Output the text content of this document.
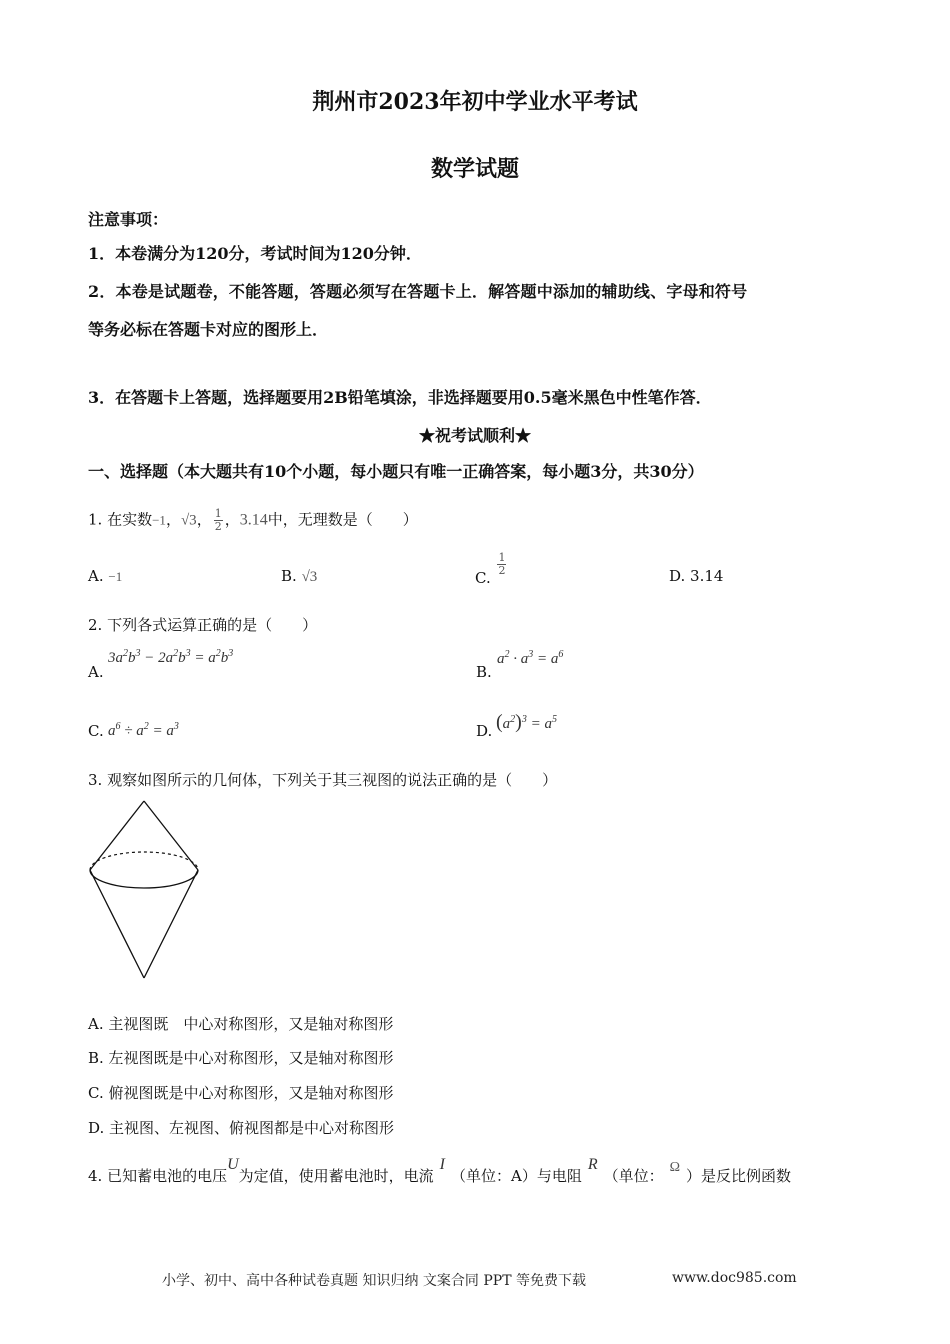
荆州市2023年初中学业水平考试
数学试题
注意事项：
1．本卷满分为120分，考试时间为120分钟．
2．本卷是试题卷，不能答题，答题必须写在答题卡上．解答题中添加的辅助线、字母和符号
等务必标在答题卡对应的图形上．
3．在答题卡上答题，选择题要用2B铅笔填涂，非选择题要用0.5毫米黑色中性笔作答．
★祝考试顺利★
一、选择题（本大题共有10个小题，每小题只有唯一正确答案，每小题3分，共30分）
1. 在实数−1，√3， $\frac{1}{2}$ ，3.14中，无理数是（　　）
A. −1	B. √3	C.
$\frac{1}{2}$	D. 3.14
2. 下列各式运算正确的是（　　）
A.
$3a^2b^3 - 2a^2b^3 = a^2b^3$
B.
$a^2 \cdot a^3 = a^6$
C. $a^6 \div a^2 = a^3$	D. $(a^2)^3 = a^5$
3. 观察如图所示的几何体，下列关于其三视图的说法正确的是（　　）
A. 主视图既　中心对称图形，又是轴对称图形
B. 左视图既是中心对称图形，又是轴对称图形
C. 俯视图既是中心对称图形，又是轴对称图形
D. 主视图、左视图、俯视图都是中心对称图形
4. 已知蓄电池的电压U为定值，使用蓄电池时，电流I（单位：A）与电阻R（单位： Ω ）是反比例函数
小学、初中、高中各种试卷真题 知识归纳 文案合同 PPT 等免费下载	www.doc985.com
